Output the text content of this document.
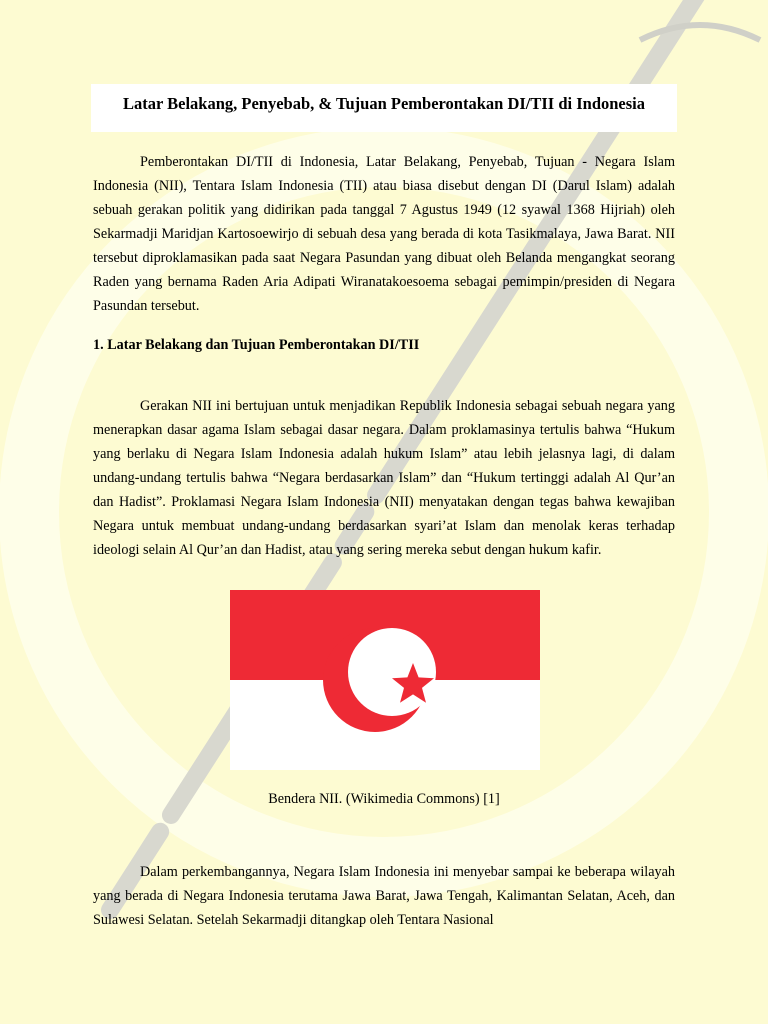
Latar Belakang, Penyebab, & Tujuan Pemberontakan DI/TII di Indonesia

Pemberontakan DI/TII di Indonesia, Latar Belakang, Penyebab, Tujuan - Negara Islam Indonesia (NII), Tentara Islam Indonesia (TII) atau biasa disebut dengan DI (Darul Islam) adalah sebuah gerakan politik yang didirikan pada tanggal 7 Agustus 1949 (12 syawal 1368 Hijriah) oleh Sekarmadji Maridjan Kartosoewirjo di sebuah desa yang berada di kota Tasikmalaya, Jawa Barat. NII tersebut diproklamasikan pada saat Negara Pasundan yang dibuat oleh Belanda mengangkat seorang Raden yang bernama Raden Aria Adipati Wiranatakoesoema sebagai pemimpin/presiden di Negara Pasundan tersebut.

1. Latar Belakang dan Tujuan Pemberontakan DI/TII

Gerakan NII ini bertujuan untuk menjadikan Republik Indonesia sebagai sebuah negara yang menerapkan dasar agama Islam sebagai dasar negara. Dalam proklamasinya tertulis bahwa “Hukum yang berlaku di Negara Islam Indonesia adalah hukum Islam” atau lebih jelasnya lagi, di dalam undang-undang tertulis bahwa “Negara berdasarkan Islam” dan “Hukum tertinggi adalah Al Qur’an dan Hadist”. Proklamasi Negara Islam Indonesia (NII) menyatakan dengan tegas bahwa kewajiban Negara untuk membuat undang-undang berdasarkan syari’at Islam dan menolak keras terhadap ideologi selain Al Qur’an dan Hadist, atau yang sering mereka sebut dengan hukum kafir.

Bendera NII. (Wikimedia Commons) [1]

Dalam perkembangannya, Negara Islam Indonesia ini menyebar sampai ke beberapa wilayah yang berada di Negara Indonesia terutama Jawa Barat, Jawa Tengah, Kalimantan Selatan, Aceh, dan Sulawesi Selatan. Setelah Sekarmadji ditangkap oleh Tentara Nasional
